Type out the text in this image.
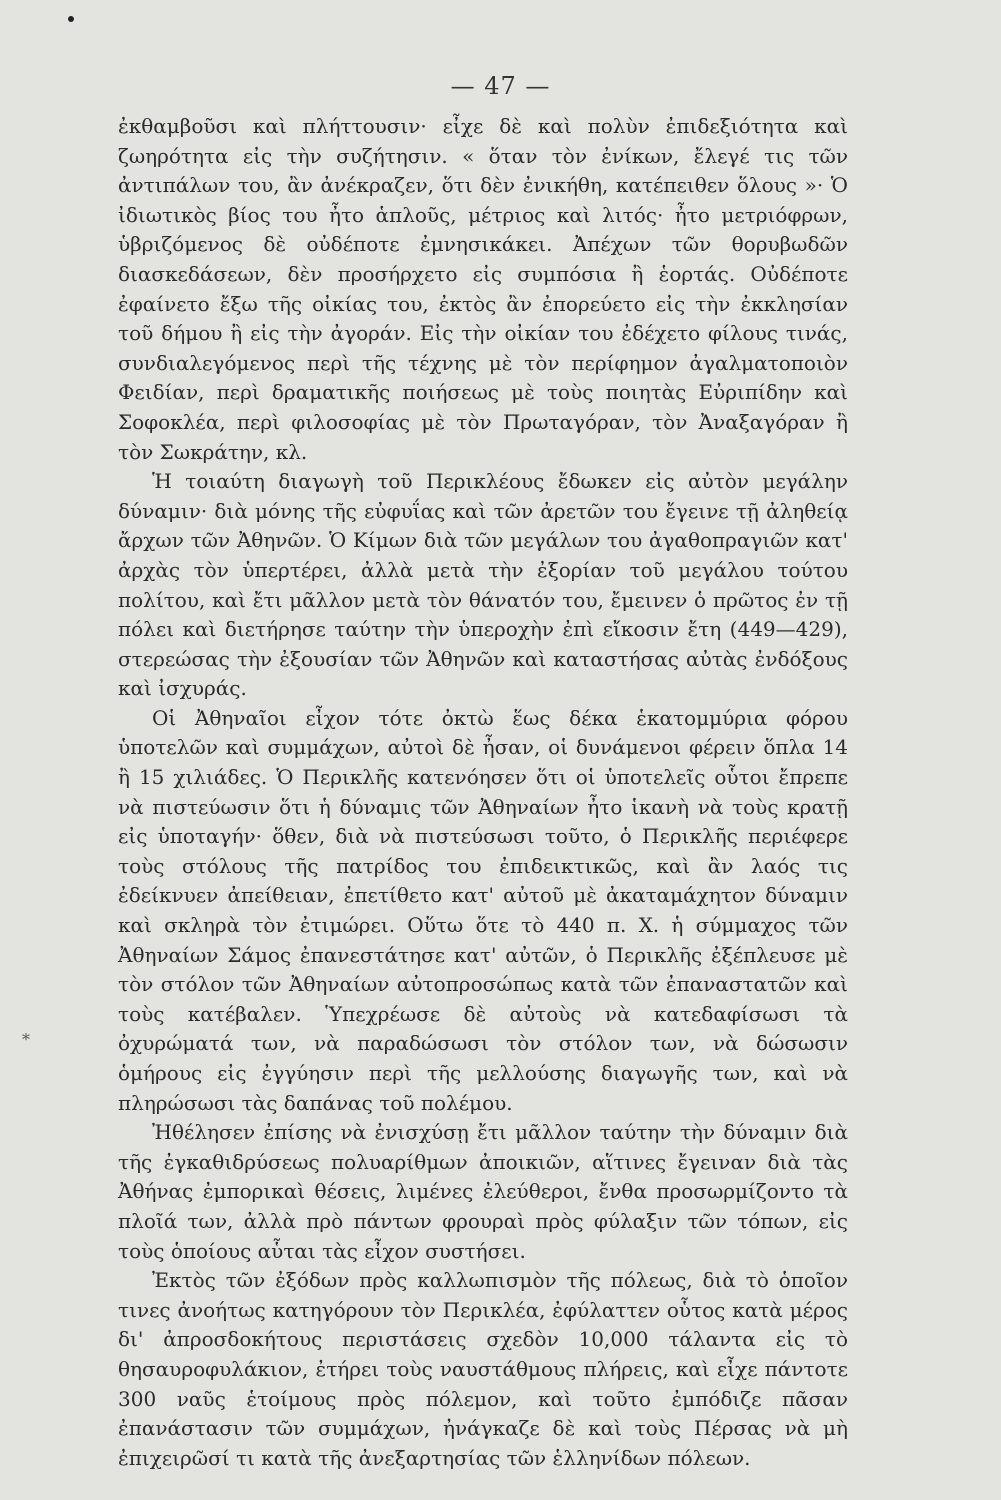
*
— 47 —

ἐκθαμβοῦσι καὶ πλήττουσιν· εἶχε δὲ καὶ πολὺν ἐπιδεξιότητα καὶ ζωηρότητα εἰς τὴν συζήτησιν. « ὅταν τὸν ἐνίκων, ἔλεγέ τις τῶν ἀντιπάλων του, ἂν ἀνέκραζεν, ὅτι δὲν ἐνικήθη, κατέπειθεν ὅλους »· Ὁ ἰδιωτικὸς βίος του ἦτο ἁπλοῦς, μέτριος καὶ λιτός· ἦτο μετριόφρων, ὑβριζόμενος δὲ οὐδέποτε ἐμνησικάκει. Ἀπέχων τῶν θορυβωδῶν διασκεδάσεων, δὲν προσήρχετο εἰς συμπόσια ἢ ἑορτάς. Οὐδέποτε ἐφαίνετο ἔξω τῆς οἰκίας του, ἐκτὸς ἂν ἐπορεύετο εἰς τὴν ἐκκλησίαν τοῦ δήμου ἢ εἰς τὴν ἀγοράν. Εἰς τὴν οἰκίαν του ἐδέχετο φίλους τινάς, συνδιαλεγόμενος περὶ τῆς τέχνης μὲ τὸν περίφημον ἀγαλματοποιὸν Φειδίαν, περὶ δραματικῆς ποιήσεως μὲ τοὺς ποιητὰς Εὐριπίδην καὶ Σοφοκλέα, περὶ φιλοσοφίας μὲ τὸν Πρωταγόραν, τὸν Ἀναξαγόραν ἢ τὸν Σωκράτην, κλ.

Ἡ τοιαύτη διαγωγὴ τοῦ Περικλέους ἔδωκεν εἰς αὐτὸν μεγάλην δύναμιν· διὰ μόνης τῆς εὐφυΐας καὶ τῶν ἀρετῶν του ἔγεινε τῇ ἀληθείᾳ ἄρχων τῶν Ἀθηνῶν. Ὁ Κίμων διὰ τῶν μεγάλων του ἀγαθοπραγιῶν κατ' ἀρχὰς τὸν ὑπερτέρει, ἀλλὰ μετὰ τὴν ἐξορίαν τοῦ μεγάλου τούτου πολίτου, καὶ ἔτι μᾶλλον μετὰ τὸν θάνατόν του, ἔμεινεν ὁ πρῶτος ἐν τῇ πόλει καὶ διετήρησε ταύτην τὴν ὑπεροχὴν ἐπὶ εἴκοσιν ἔτη (449—429), στερεώσας τὴν ἐξουσίαν τῶν Ἀθηνῶν καὶ καταστήσας αὐτὰς ἐνδόξους καὶ ἰσχυράς.

Οἱ Ἀθηναῖοι εἶχον τότε ὀκτὼ ἕως δέκα ἑκατομμύρια φόρου ὑποτελῶν καὶ συμμάχων, αὐτοὶ δὲ ἦσαν, οἱ δυνάμενοι φέρειν ὅπλα 14 ἢ 15 χιλιάδες. Ὁ Περικλῆς κατενόησεν ὅτι οἱ ὑποτελεῖς οὗτοι ἔπρεπε νὰ πιστεύωσιν ὅτι ἡ δύναμις τῶν Ἀθηναίων ἦτο ἱκανὴ νὰ τοὺς κρατῇ εἰς ὑποταγήν· ὅθεν, διὰ νὰ πιστεύσωσι τοῦτο, ὁ Περικλῆς περιέφερε τοὺς στόλους τῆς πατρίδος του ἐπιδεικτικῶς, καὶ ἂν λαός τις ἐδείκνυεν ἀπείθειαν, ἐπετίθετο κατ' αὐτοῦ μὲ ἀκαταμάχητον δύναμιν καὶ σκληρὰ τὸν ἐτιμώρει. Οὕτω ὅτε τὸ 440 π. Χ. ἡ σύμμαχος τῶν Ἀθηναίων Σάμος ἐπανεστάτησε κατ' αὐτῶν, ὁ Περικλῆς ἐξέπλευσε μὲ τὸν στόλον τῶν Ἀθηναίων αὐτοπροσώπως κατὰ τῶν ἐπαναστατῶν καὶ τοὺς κατέβαλεν. Ὑπεχρέωσε δὲ αὐτοὺς νὰ κατεδαφίσωσι τὰ ὀχυρώματά των, νὰ παραδώσωσι τὸν στόλον των, νὰ δώσωσιν ὁμήρους εἰς ἐγγύησιν περὶ τῆς μελλούσης διαγωγῆς των, καὶ νὰ πληρώσωσι τὰς δαπάνας τοῦ πολέμου.

Ἠθέλησεν ἐπίσης νὰ ἐνισχύσῃ ἔτι μᾶλλον ταύτην τὴν δύναμιν διὰ τῆς ἐγκαθιδρύσεως πολυαρίθμων ἀποικιῶν, αἵτινες ἔγειναν διὰ τὰς Ἀθήνας ἐμπορικαὶ θέσεις, λιμένες ἐλεύθεροι, ἔνθα προσωρμίζοντο τὰ πλοῖά των, ἀλλὰ πρὸ πάντων φρουραὶ πρὸς φύλαξιν τῶν τόπων, εἰς τοὺς ὁποίους αὗται τὰς εἶχον συστήσει.

Ἐκτὸς τῶν ἐξόδων πρὸς καλλωπισμὸν τῆς πόλεως, διὰ τὸ ὁποῖον τινες ἀνοήτως κατηγόρουν τὸν Περικλέα, ἐφύλαττεν οὗτος κατὰ μέρος δι' ἀπροσδοκήτους περιστάσεις σχεδὸν 10,000 τάλαντα εἰς τὸ θησαυροφυλάκιον, ἐτήρει τοὺς ναυστάθμους πλήρεις, καὶ εἶχε πάντοτε 300 ναῦς ἑτοίμους πρὸς πόλεμον, καὶ τοῦτο ἐμπόδιζε πᾶσαν ἐπανάστασιν τῶν συμμάχων, ἠνάγκαζε δὲ καὶ τοὺς Πέρσας νὰ μὴ ἐπιχειρῶσί τι κατὰ τῆς ἀνεξαρτησίας τῶν ἑλληνίδων πόλεων.
